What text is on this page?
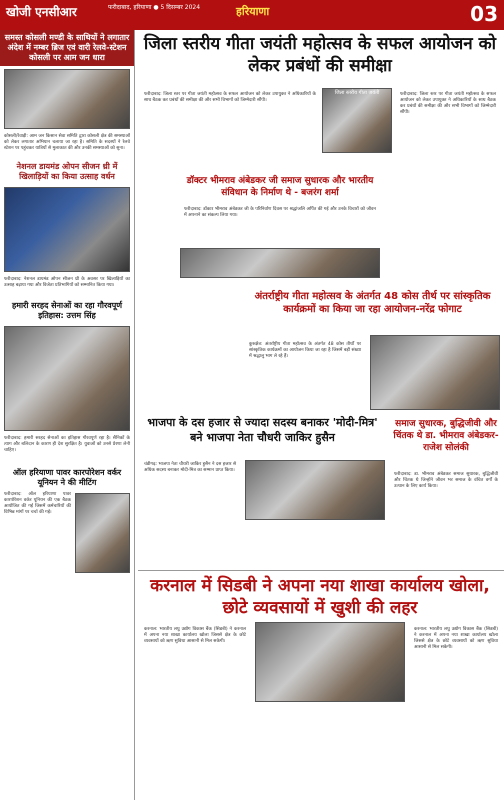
खोजी एनसीआर	फरीदाबाद, हरियाणा ● 5 दिसम्बर 2024	हरियाणा	03
समस्त कोसली मण्डी के साथियों ने लगातार अंदेश में नम्बर ब्रिज एवं वारी रेलवे-स्टेशन कोसली पर आम जन धारा
कोसली/रेवाड़ी: आम जन किसान सेवा समिति द्वारा कोसली क्षेत्र की समस्याओं को लेकर लगातार अभियान चलाया जा रहा है। समिति के सदस्यों ने रेलवे स्टेशन पर पहुंचकर यात्रियों से मुलाकात की और उनकी समस्याओं को सुना।
नेशनल डायमंड ओपन सीजन थ्री में खिलाड़ियों का किया उत्साह वर्धन
फरीदाबाद: नेशनल डायमंड ओपन सीजन थ्री के अवसर पर खिलाड़ियों का उत्साह बढ़ाया गया और विजेता प्रतिभागियों को सम्मानित किया गया।
हमारी सरहद सेनाओं का रहा गौरवपूर्ण इतिहास: उत्तम सिंह
फरीदाबाद: हमारी सरहद सेनाओं का इतिहास गौरवपूर्ण रहा है। सैनिकों के त्याग और बलिदान के कारण ही देश सुरक्षित है। युवाओं को उनसे प्रेरणा लेनी चाहिए।
ऑल हरियाणा पावर कारपोरेशन वर्कर यूनियन ने की मीटिंग
फरीदाबाद: ऑल हरियाणा पावर कारपोरेशन वर्कर यूनियन की एक बैठक आयोजित की गई जिसमें कर्मचारियों की विभिन्न मांगों पर चर्चा की गई।
जिला स्तरीय गीता जयंती महोत्सव के सफल आयोजन को लेकर प्रबंधों की समीक्षा
जिला स्तरीय गीता जयंती
फरीदाबाद: जिला स्तर पर गीता जयंती महोत्सव के सफल आयोजन को लेकर उपायुक्त ने अधिकारियों के साथ बैठक कर प्रबंधों की समीक्षा की और सभी विभागों को जिम्मेदारी सौंपी।
फरीदाबाद: जिला स्तर पर गीता जयंती महोत्सव के सफल आयोजन को लेकर उपायुक्त ने अधिकारियों के साथ बैठक कर प्रबंधों की समीक्षा की और सभी विभागों को जिम्मेदारी सौंपी।
डॉक्टर भीमराव अंबेडकर जी समाज सुधारक और भारतीय संविधान के निर्माण थे - बजरंग शर्मा
फरीदाबाद: डॉक्टर भीमराव अंबेडकर जी के परिनिर्वाण दिवस पर श्रद्धांजलि अर्पित की गई और उनके विचारों को जीवन में अपनाने का संकल्प लिया गया।
अंतर्राष्ट्रीय गीता महोत्सव के अंतर्गत 48 कोस तीर्थ पर सांस्कृतिक कार्यक्रमों का किया जा रहा आयोजन-नरेंद्र फोगाट
कुरुक्षेत्र: अंतर्राष्ट्रीय गीता महोत्सव के अंतर्गत 48 कोस तीर्थों पर सांस्कृतिक कार्यक्रमों का आयोजन किया जा रहा है जिसमें बड़ी संख्या में श्रद्धालु भाग ले रहे हैं।
भाजपा के दस हजार से ज्यादा सदस्य बनाकर 'मोदी-मित्र' बने भाजपा नेता चौधरी जाकिर हुसैन
चंडीगढ़: भाजपा नेता चौधरी जाकिर हुसैन ने दस हजार से अधिक सदस्य बनाकर मोदी-मित्र का सम्मान प्राप्त किया।
समाज सुधारक, बुद्धिजीवी और चिंतक थे डा. भीमराव अंबेडकर-राजेश सोलंकी
फरीदाबाद: डा. भीमराव अंबेडकर समाज सुधारक, बुद्धिजीवी और चिंतक थे जिन्होंने जीवन भर समाज के वंचित वर्गों के उत्थान के लिए कार्य किया।
करनाल में सिडबी ने अपना नया शाखा कार्यालय खोला, छोटे व्यवसायों में खुशी की लहर
करनाल: भारतीय लघु उद्योग विकास बैंक (सिडबी) ने करनाल में अपना नया शाखा कार्यालय खोला जिससे क्षेत्र के छोटे व्यवसायों को ऋण सुविधा आसानी से मिल सकेगी।
करनाल: भारतीय लघु उद्योग विकास बैंक (सिडबी) ने करनाल में अपना नया शाखा कार्यालय खोला जिससे क्षेत्र के छोटे व्यवसायों को ऋण सुविधा आसानी से मिल सकेगी।
